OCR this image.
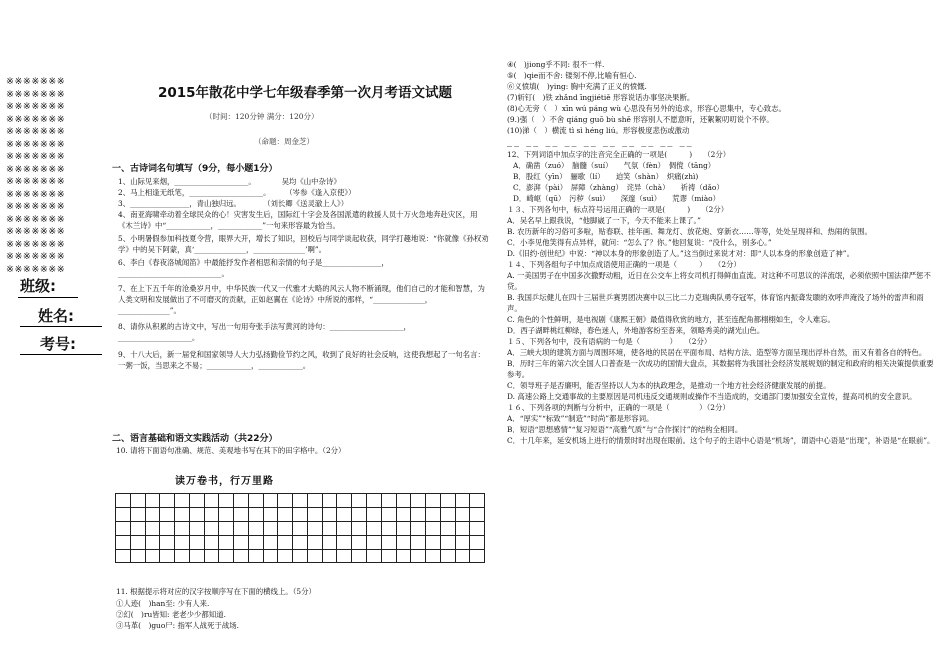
※※※※※※※
※※※※※※※
※※※※※※※
※※※※※※※
※※※※※※※
※※※※※※※
※※※※※※※
※※※※※※※
※※※※※※※
※※※※※※※
※※※※※※※
※※※※※※※
※※※※※※※
※※※※※※※
※※※※※※※
※※※※※※※
班级:
姓名:
考号:
2015年散花中学七年级春季第一次月考语文试题
（时间：120分钟 满分：120分）
（命题：周金芝）
一、古诗词名句填写（9分，每小题1分）
1、山际见来烟，____________________。　　　　吴均《山中杂诗》
2、马上相逢无纸笔，____________________。　　　（岑参《逢入京使》）
3、________________，青山独归远。　　　　（刘长卿《送灵澈上人》）
4、南亚海啸牵动着全球民众的心！灾害发生后，国际红十字会及各国派遣的救援人员十万火急地奔赴灾区，用《木兰诗》中“____________，____________”一句来形容最为恰当。
5、小明暑假参加科技夏令营，眼界大开，增长了知识，回校后与同学谈起收获，同学打趣地说：“你就像《孙权劝学》中的吴下阿蒙，真‘______________，______________’啊”。
6、李白《春夜洛城闻笛》中最能抒发作者相思和亲情的句子是________________，____________________________。
7、在上下五千年的沧桑岁月中，中华民族一代又一代雅才大略的风云人物不断涌现，他们自己的才能和智慧，为人类文明和发展做出了不可磨灭的贡献，正如赵翼在《论诗》中所说的那样，“______________，______________”。
8、请你从积累的古诗文中，写出一句用夸张手法写黄河的诗句：____________________，____________________。
9、十八大后，新一届党和国家领导人大力弘扬勤俭节约之风，收到了良好的社会反响，这使我想起了一句名言：一粥一饭，当思来之不易；____________，____________。
二、语言基础和语文实践活动（共22分）
10. 请将下面语句准确、规范、美观地书写在其下的田字格中。（2分）
读万卷书，行万里路
11. 根据提示将对应的汉字按顺序写在下面的横线上。（5分）
①人迹(　)han至: 少有人来.
②幻(　)ru皆知: 老老少少都知道.
③马革(　)guo尸: 指军人战死于战场.
④(　)jiong乎不同: 很不一样.
⑤(　)qie而不舍: 镂刻不停,比喻有恒心.
⑥义愤填(　)ying: 胸中充满了正义的愤慨.
(7)斩钉(　)铁 zhǎnd īngjiétiě 形容说话办事坚决果断。
(8)心无旁（　）xīn wú páng wù 心思没有另外的追求，形容心思集中，专心致志。
(9.)强（　）不舍 qiáng guō bù shě 形容别人不愿意听，还絮絮叨叨说个不停。
(10)涕（　）横流 tì sì héng liú。形容极度悲伤或激动
__ __ __ __ __ __ __ __ __ __
12、下列词语中加点字的注音完全正确的一项是(　　　)　　（2分）
A．确凿（zuó）　脑髓（suí）　　气氛（fèn）　倜傥（tāng）
B．股红（yīn）　骊歌（lí）　　迫笑（shàn）　炽痛(zhì)
C．澎湃（pài）　屏障（zhàng）　诧异（chà）　　祈祷（dǎo）
D．崎岖（qū）　污秽（suì）　　深邃（suì）　　荒谬（miào）
１３、下列各句中，标点符号运用正确的一项是(　　　)　　（2分）
A．吴名早上跟我说，“他脚崴了一下，今天不能来上课了。”
B. 农历新年的习俗可多啦，贴春联、挂年画、舞龙灯、放花炮、穿新衣……等等，处处呈现祥和、热闹的氛围。
C．小李见他笑得有点异样，就问：“怎么了？你。”他回复说：“没什么，别多心。”
D.《旧约·创世纪》中说：“神以本身的形象创造了人。”这当倒过来说才对：即“人以本身的形象创造了神”。
１４、下列各组句子中加点成语使用正确的一项是（　　　）　　（2分）
A. 一美国男子在中国多次撒野动粗，近日在公交车上将女司机打得鲜血直流。对这种不可思议的洋流氓，必须依照中国法律严惩不贷。
B. 我国乒坛健儿在四十三届世乒赛男团决赛中以三比二力克瑞典队勇夺冠军，体育馆内振聋发聩的欢呼声淹没了场外的雷声和雨声。
C. 角色的个性鲜明，是电视剧《康熙王朝》最值得欣赏的地方，甚至连配角都栩栩如生，令人难忘。
D．西子湖畔桃红柳绿，春色迷人，外地游客纷至沓来，领略秀美的湖光山色。
１５、下列各句中，没有语病的一句是（　　　　）　　（2分）
A．三峡大坝的建筑方面与周围环境，使各地的民居在平面布局、结构方法、造型等方面呈现出浮朴自然，而又有着各自的特色。
B．历时三年的第六次全国人口普查是一次成功的国情大盘点，其数据将为我国社会经济发展规划的制定和政府的相关决策提供重要参考。
C．领导班子是否廉明，能否坚持以人为本的执政理念，是推动一个地方社会经济健康发展的前提。
D. 高速公路上交通事故的主要原因是司机违反交通规则或操作不当造成的，交通部门要加强安全宣传，提高司机的安全意识。
１６、下列各项的判断与分析中，正确的一项是（　　　　）（2分）
A．“厚实”“标致”“制造”“时尚”都是形容词。
B．短语“思想感情”“复习短语”“高雅气质”与“合作探讨”的结构全相同。
C．十几年来，延安机场上进行的情景时时出现在眼前。这个句子的主语中心语是“机场”，谓语中心语是“出现”，补语是“在眼前”。
